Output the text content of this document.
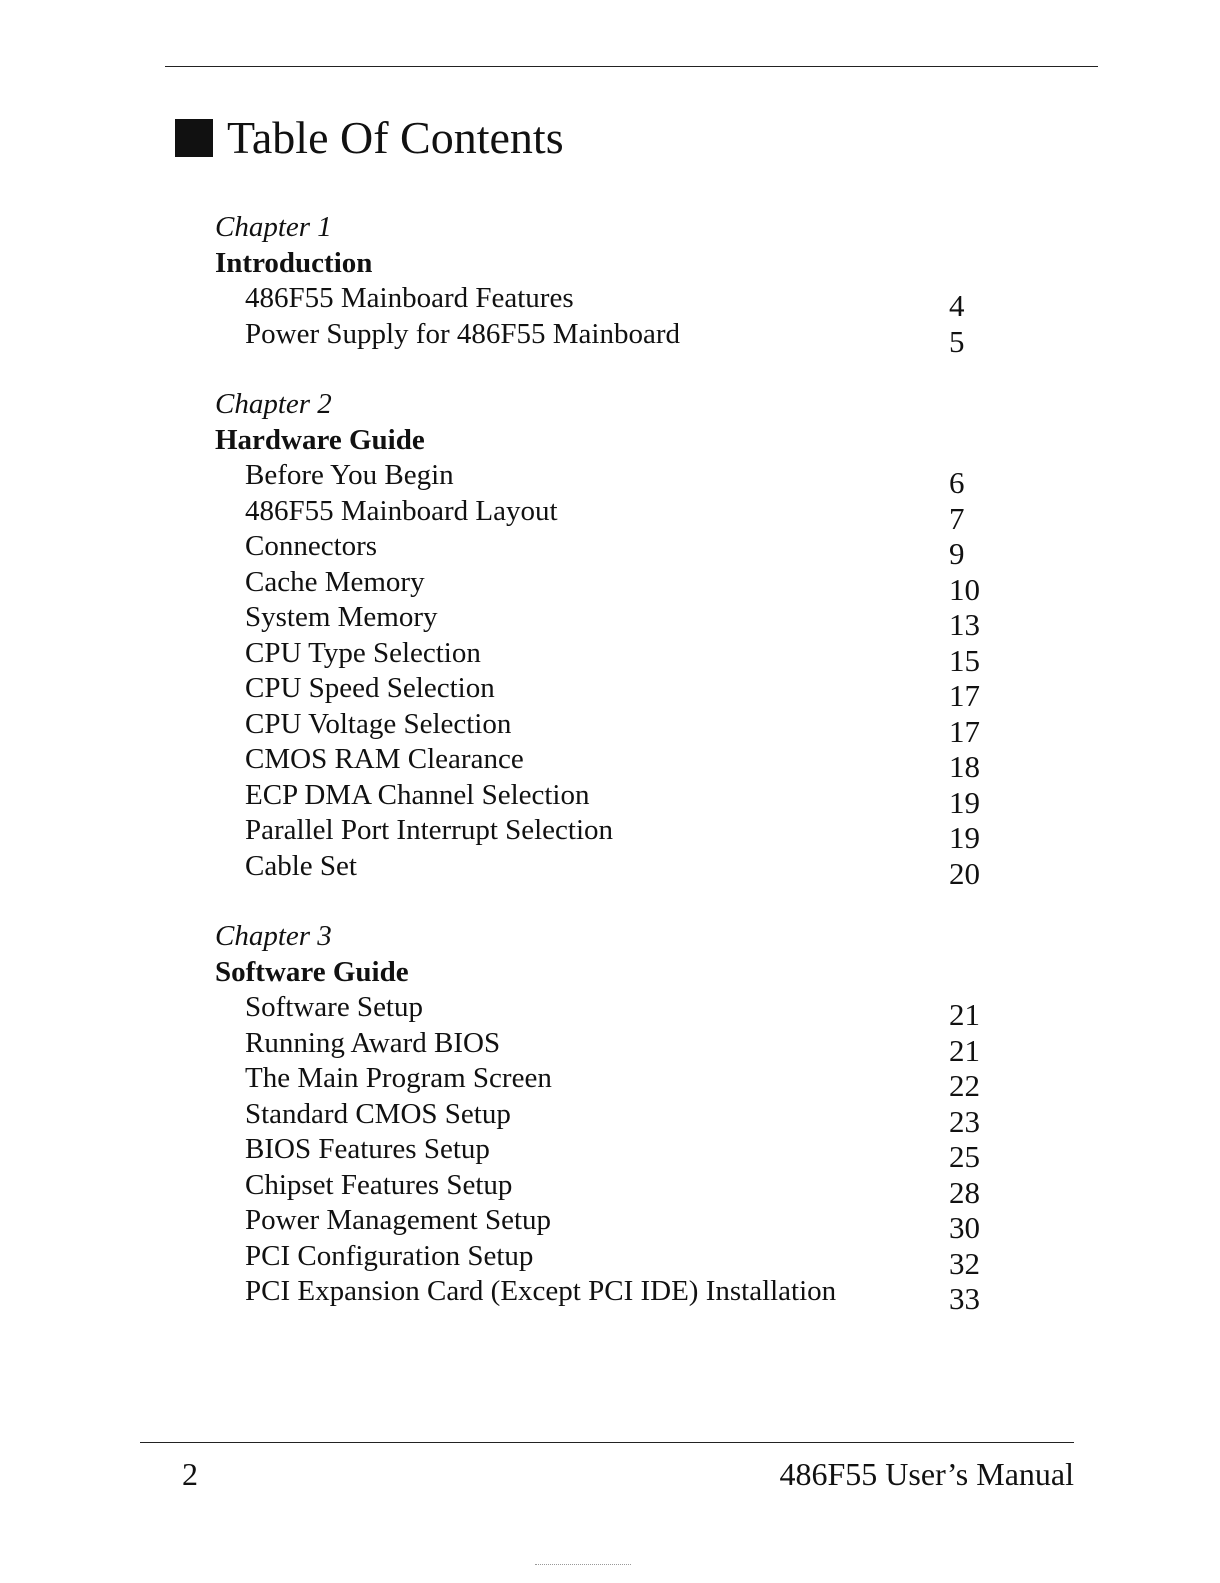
Table Of Contents
Chapter 1
Introduction
486F55 Mainboard Features	4
Power Supply for 486F55 Mainboard	5
Chapter 2
Hardware Guide
Before You Begin	6
486F55 Mainboard Layout	7
Connectors	9
Cache Memory	10
System Memory	13
CPU Type Selection	15
CPU Speed Selection	17
CPU Voltage Selection	17
CMOS RAM Clearance	18
ECP DMA Channel Selection	19
Parallel Port Interrupt Selection	19
Cable Set	20
Chapter 3
Software Guide
Software Setup	21
Running Award BIOS	21
The Main Program Screen	22
Standard CMOS Setup	23
BIOS Features Setup	25
Chipset Features Setup	28
Power Management Setup	30
PCI Configuration Setup	32
PCI Expansion Card (Except PCI IDE) Installation	33
2	486F55 User’s Manual
